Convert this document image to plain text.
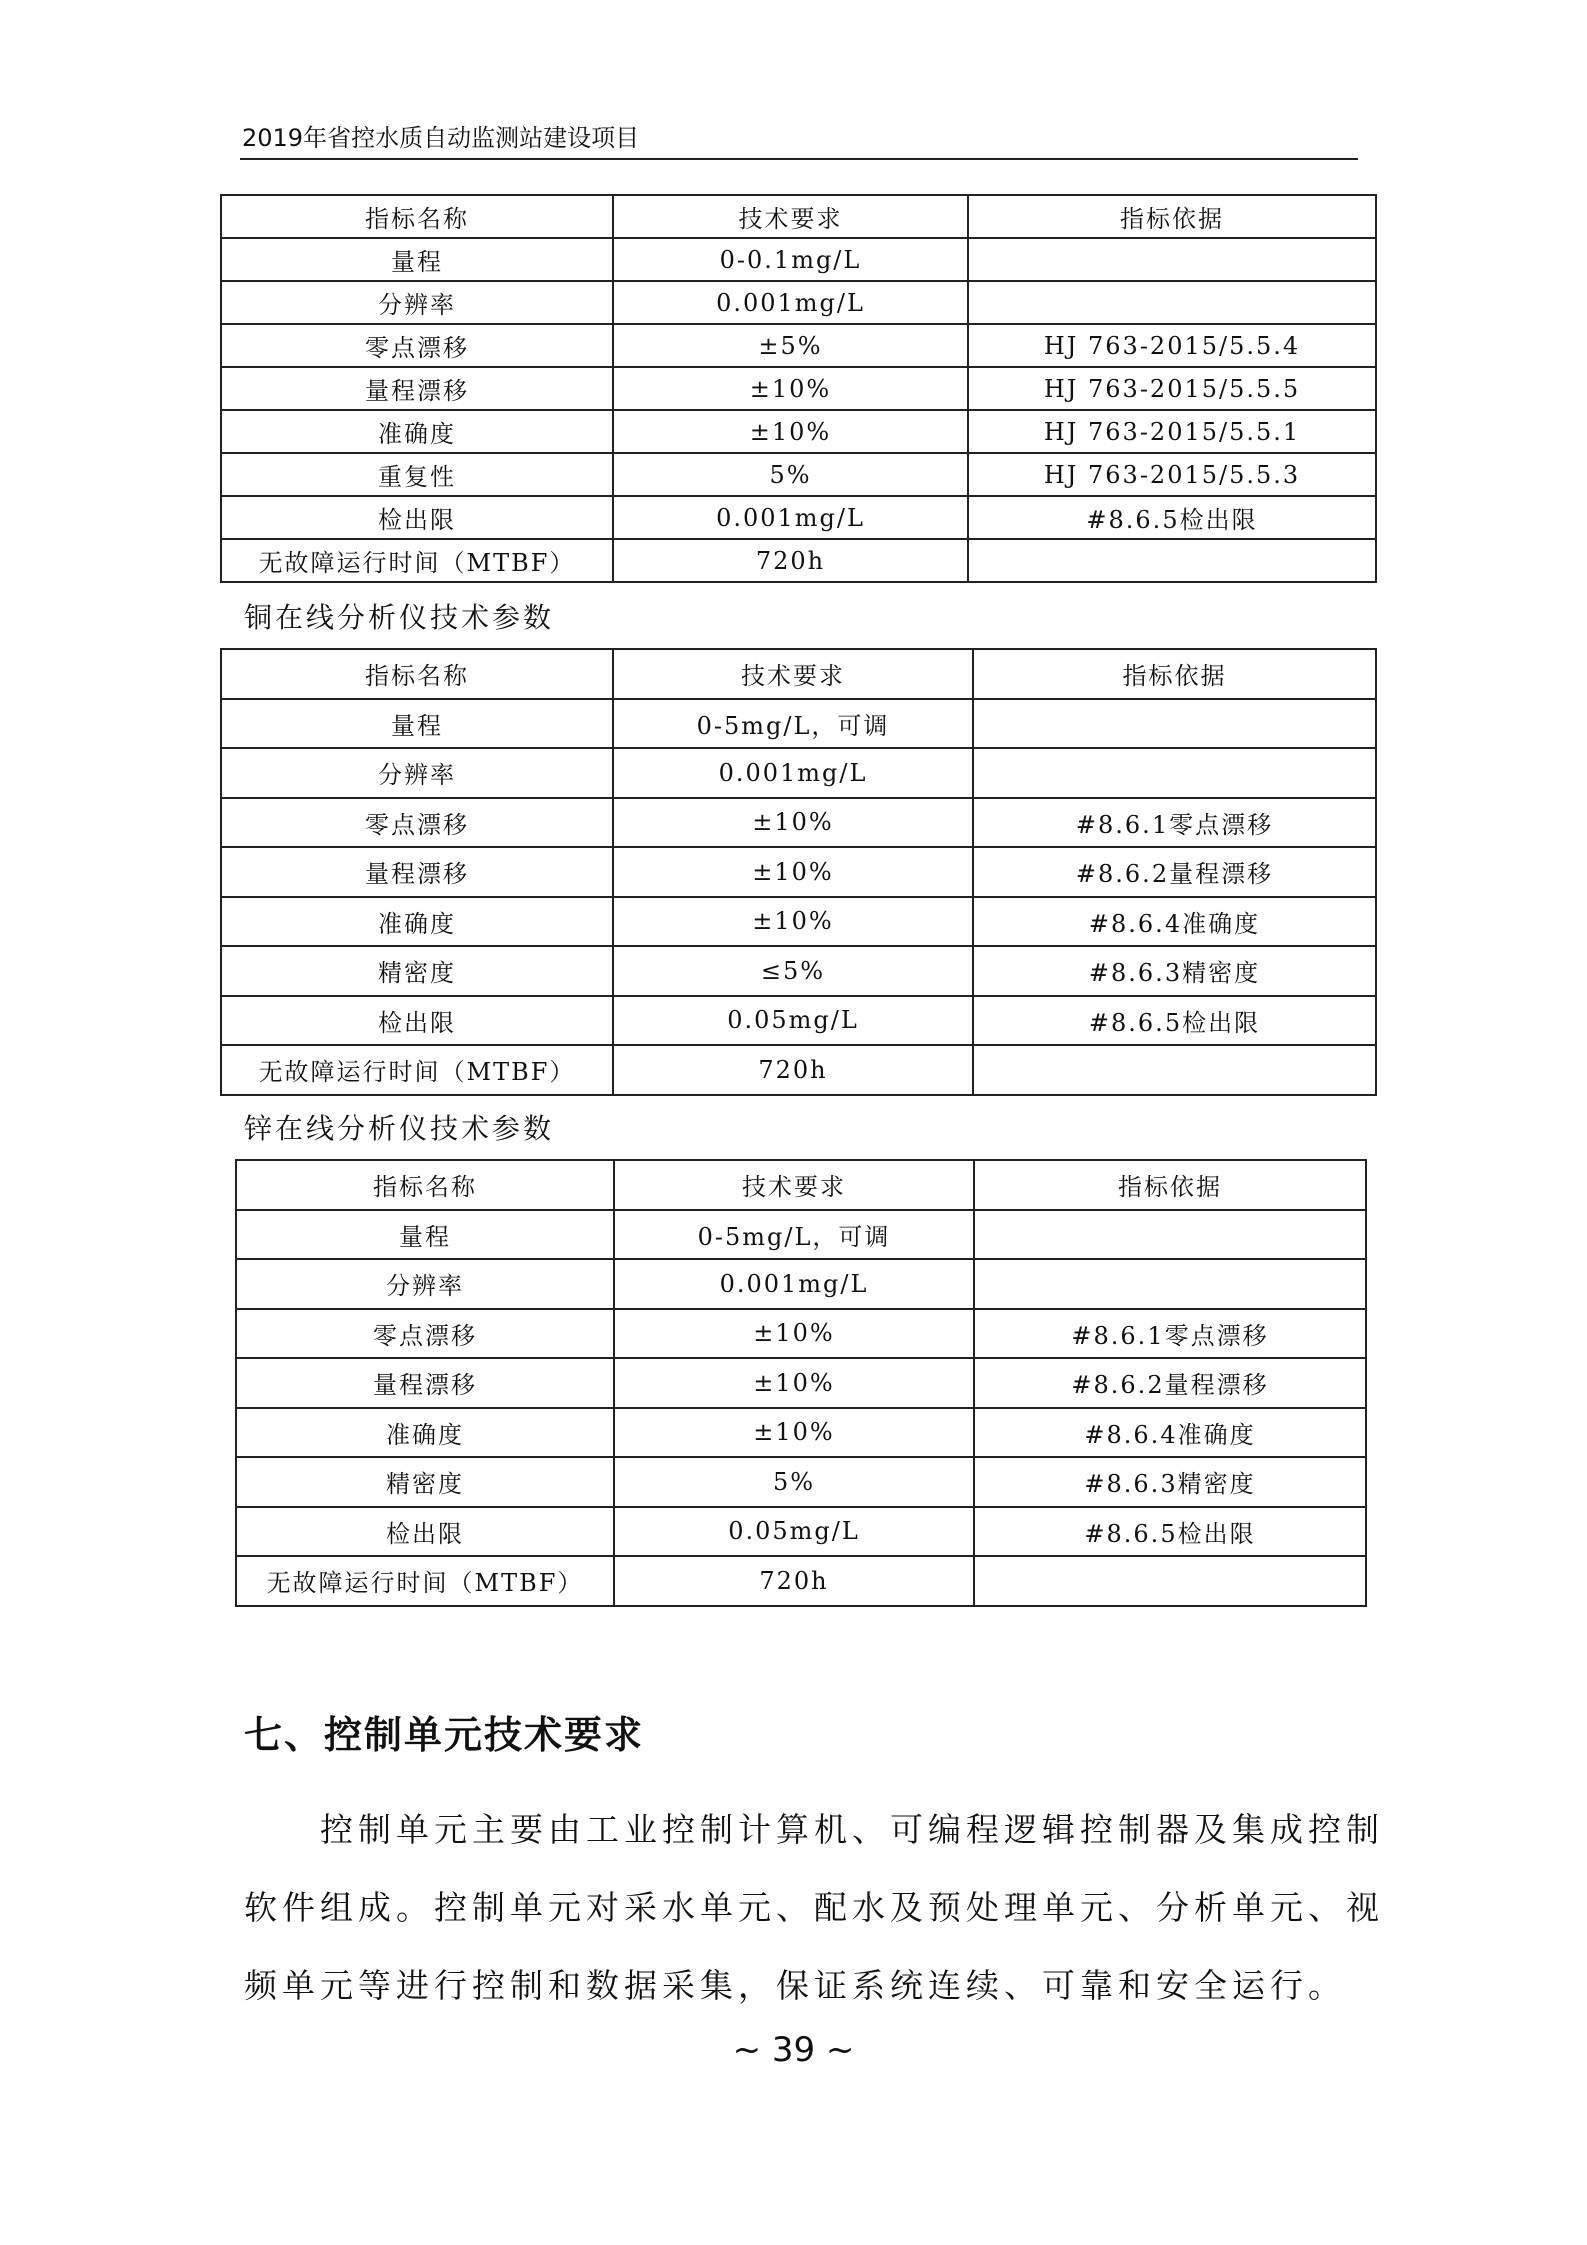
2019年省控水质自动监测站建设项目
指标名称	技术要求	指标依据
量程	0-0.1mg/L	
分辨率	0.001mg/L	
零点漂移	±5%	HJ 763-2015/5.5.4
量程漂移	±10%	HJ 763-2015/5.5.5
准确度	±10%	HJ 763-2015/5.5.1
重复性	5%	HJ 763-2015/5.5.3
检出限	0.001mg/L	#8.6.5检出限
无故障运行时间（MTBF）	720h	
铜在线分析仪技术参数
指标名称	技术要求	指标依据
量程	0-5mg/L，可调	
分辨率	0.001mg/L	
零点漂移	±10%	#8.6.1零点漂移
量程漂移	±10%	#8.6.2量程漂移
准确度	±10%	#8.6.4准确度
精密度	≤5%	#8.6.3精密度
检出限	0.05mg/L	#8.6.5检出限
无故障运行时间（MTBF）	720h	
锌在线分析仪技术参数
指标名称	技术要求	指标依据
量程	0-5mg/L，可调	
分辨率	0.001mg/L	
零点漂移	±10%	#8.6.1零点漂移
量程漂移	±10%	#8.6.2量程漂移
准确度	±10%	#8.6.4准确度
精密度	5%	#8.6.3精密度
检出限	0.05mg/L	#8.6.5检出限
无故障运行时间（MTBF）	720h	
七、控制单元技术要求
　　控制单元主要由工业控制计算机、可编程逻辑控制器及集成控制
软件组成。控制单元对采水单元、配水及预处理单元、分析单元、视
频单元等进行控制和数据采集，保证系统连续、可靠和安全运行。
~ 39 ~
